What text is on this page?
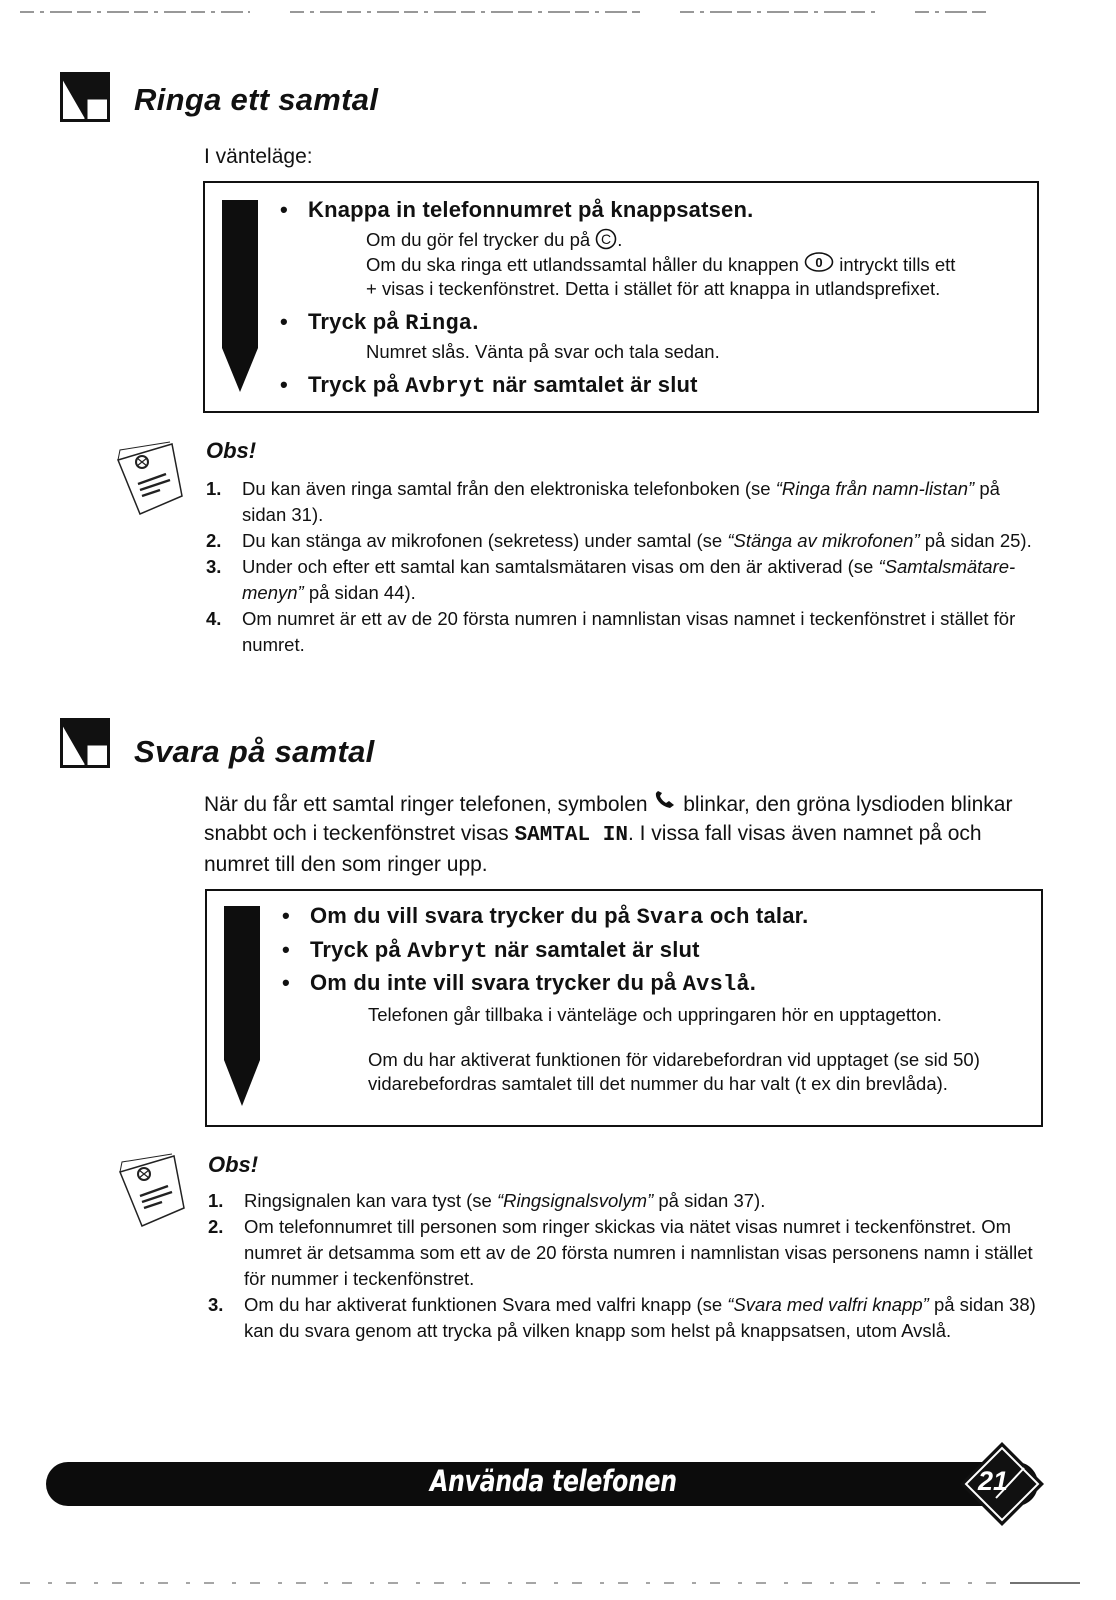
Ringa ett samtal
I vänteläge:
• Knappa in telefonnumret på knappsatsen.
Om du gör fel trycker du på C .
Om du ska ringa ett utlandssamtal håller du knappen 0 intryckt tills ett
+ visas i teckenfönstret. Detta i stället för att knappa in utlandsprefixet.
• Tryck på Ringa.
Numret slås. Vänta på svar och tala sedan.
• Tryck på Avbryt när samtalet är slut
Obs!
1. Du kan även ringa samtal från den elektroniska telefonboken (se “Ringa från namn-listan” på sidan 31).
2. Du kan stänga av mikrofonen (sekretess) under samtal (se “Stänga av mikrofonen” på sidan 25).
3. Under och efter ett samtal kan samtalsmätaren visas om den är aktiverad (se “Samtalsmätare-menyn” på sidan 44).
4. Om numret är ett av de 20 första numren i namnlistan visas namnet i teckenfönstret i stället för numret.
Svara på samtal
När du får ett samtal ringer telefonen, symbolen blinkar, den gröna lysdioden blinkar snabbt och i teckenfönstret visas SAMTAL IN. I vissa fall visas även namnet på och numret till den som ringer upp.
• Om du vill svara trycker du på Svara och talar.
• Tryck på Avbryt när samtalet är slut
• Om du inte vill svara trycker du på Avslå.
Telefonen går tillbaka i vänteläge och uppringaren hör en upptagetton.
Om du har aktiverat funktionen för vidarebefordran vid upptaget (se sid 50) vidarebefordras samtalet till det nummer du har valt (t ex din brevlåda).
Obs!
1. Ringsignalen kan vara tyst (se “Ringsignalsvolym” på sidan 37).
2. Om telefonnumret till personen som ringer skickas via nätet visas numret i teckenfönstret. Om numret är detsamma som ett av de 20 första numren i namnlistan visas personens namn i stället för nummer i teckenfönstret.
3. Om du har aktiverat funktionen Svara med valfri knapp (se “Svara med valfri knapp” på sidan 38) kan du svara genom att trycka på vilken knapp som helst på knappsatsen, utom Avslå.
Använda telefonen	21
